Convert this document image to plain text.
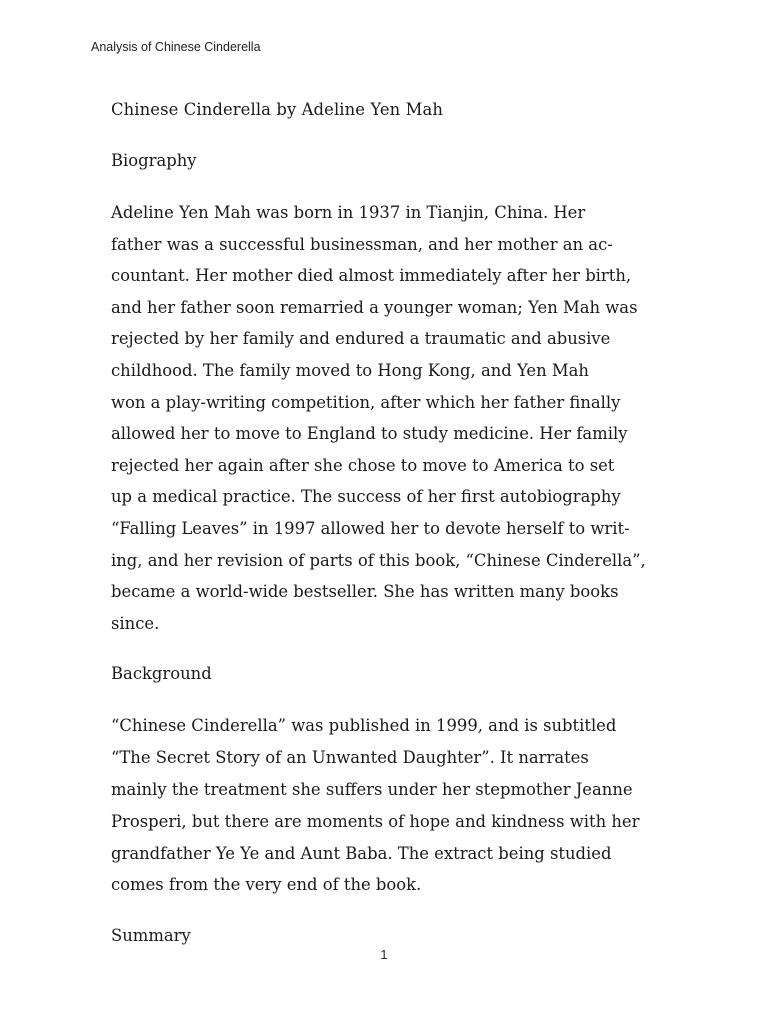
Analysis of Chinese Cinderella
Chinese Cinderella by Adeline Yen Mah
Biography
Adeline Yen Mah was born in 1937 in Tianjin, China. Her
father was a successful businessman, and her mother an ac-
countant. Her mother died almost immediately after her birth,
and her father soon remarried a younger woman; Yen Mah was
rejected by her family and endured a traumatic and abusive
childhood. The family moved to Hong Kong, and Yen Mah
won a play-writing competition, after which her father finally
allowed her to move to England to study medicine. Her family
rejected her again after she chose to move to America to set
up a medical practice. The success of her first autobiography
“Falling Leaves” in 1997 allowed her to devote herself to writ-
ing, and her revision of parts of this book, “Chinese Cinderella”,
became a world-wide bestseller. She has written many books
since.
Background
“Chinese Cinderella” was published in 1999, and is subtitled
“The Secret Story of an Unwanted Daughter”. It narrates
mainly the treatment she suffers under her stepmother Jeanne
Prosperi, but there are moments of hope and kindness with her
grandfather Ye Ye and Aunt Baba. The extract being studied
comes from the very end of the book.
Summary
1
